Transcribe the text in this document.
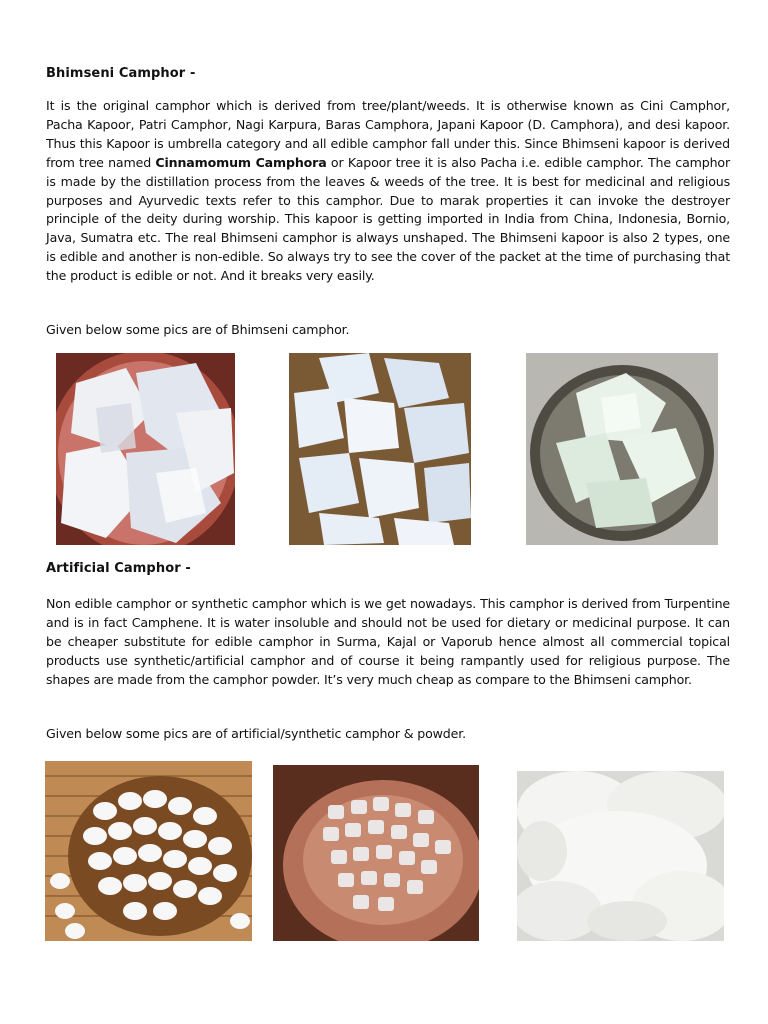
Bhimseni Camphor -

It is the original camphor which is derived from tree/plant/weeds. It is otherwise known as Cini Camphor, Pacha Kapoor, Patri Camphor, Nagi Karpura, Baras Camphora, Japani Kapoor (D. Camphora), and desi kapoor. Thus this Kapoor is umbrella category and all edible camphor fall under this. Since Bhimseni kapoor is derived from tree named Cinnamomum Camphora or Kapoor tree it is also Pacha i.e. edible camphor. The camphor is made by the distillation process from the leaves & weeds of the tree. It is best for medicinal and religious purposes and Ayurvedic texts refer to this camphor. Due to marak properties it can invoke the destroyer principle of the deity during worship. This kapoor is getting imported in India from China, Indonesia, Bornio, Java, Sumatra etc. The real Bhimseni camphor is always unshaped. The Bhimseni kapoor is also 2 types, one is edible and another is non-edible. So always try to see the cover of the packet at the time of purchasing that the product is edible or not. And it breaks very easily.

Given below some pics are of Bhimseni camphor.

Artificial Camphor -

Non edible camphor or synthetic camphor which is we get nowadays. This camphor is derived from Turpentine and is in fact Camphene. It is water insoluble and should not be used for dietary or medicinal purpose. It can be cheaper substitute for edible camphor in Surma, Kajal or Vaporub hence almost all commercial topical products use synthetic/artificial camphor and of course it being rampantly used for religious purpose. The shapes are made from the camphor powder. It’s very much cheap as compare to the Bhimseni camphor.

Given below some pics are of artificial/synthetic camphor & powder.
